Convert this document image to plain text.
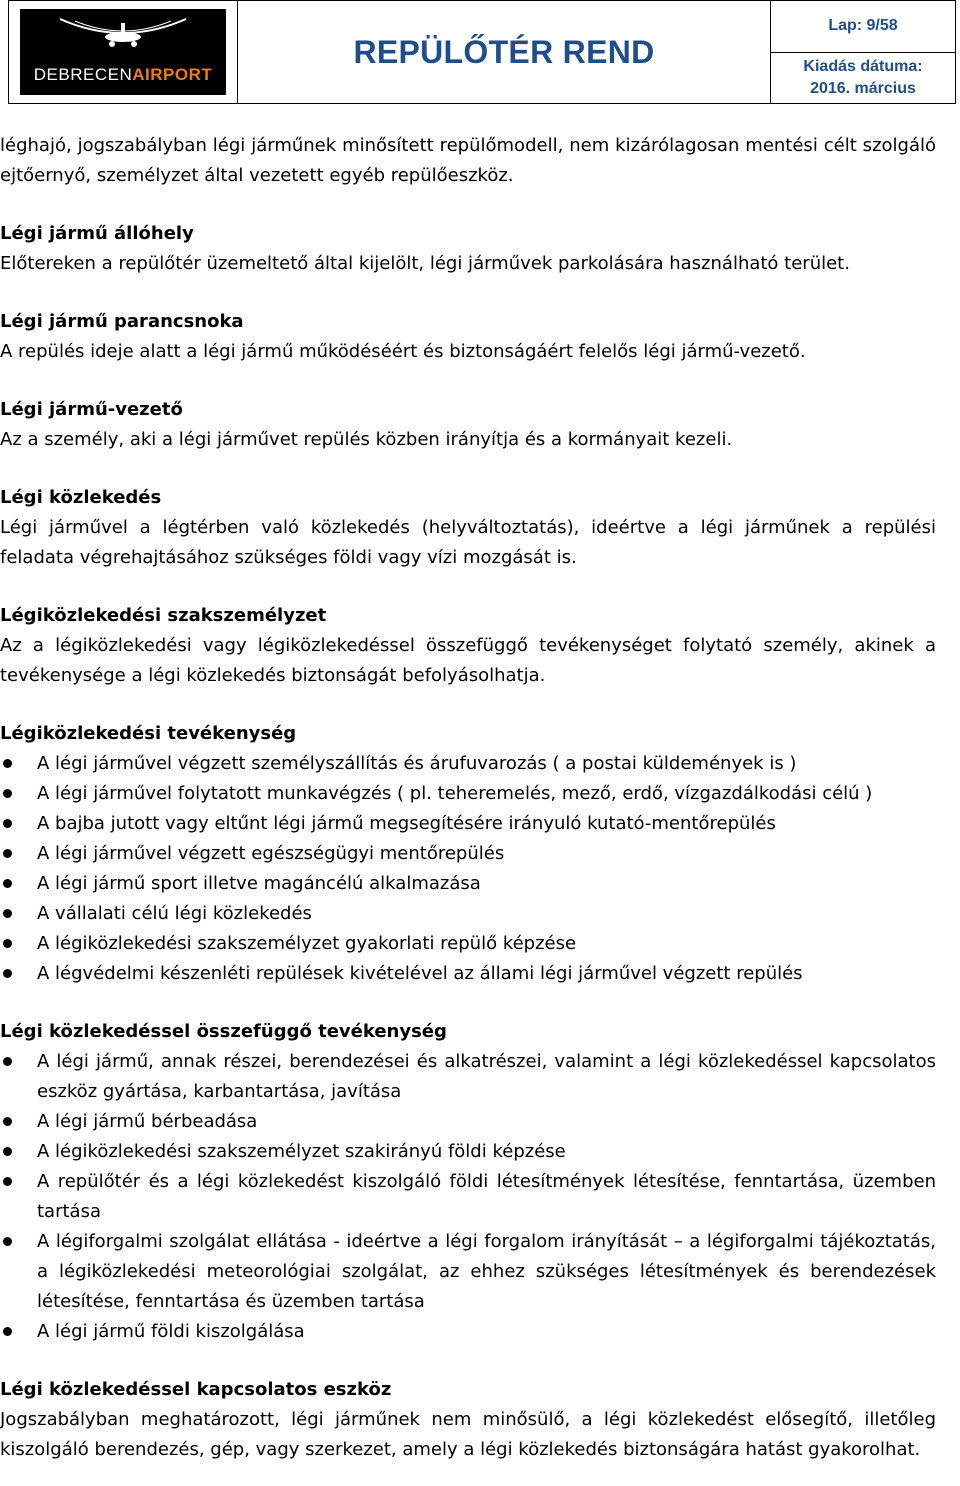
DEBRECENAIRPORT
REPÜLŐTÉR REND
Lap: 9/58
Kiadás dátuma:
2016. március

léghajó, jogszabályban légi járműnek minősített repülőmodell, nem kizárólagosan mentési célt szolgáló ejtőernyő, személyzet által vezetett egyéb repülőeszköz.

Légi jármű állóhely

Előtereken a repülőtér üzemeltető által kijelölt, légi járművek parkolására használható terület.

Légi jármű parancsnoka

A repülés ideje alatt a légi jármű működéséért és biztonságáért felelős légi jármű-vezető.

Légi jármű-vezető

Az a személy, aki a légi járművet repülés közben irányítja és a kormányait kezeli.

Légi közlekedés

Légi járművel a légtérben való közlekedés (helyváltoztatás), ideértve a légi járműnek a repülési feladata végrehajtásához szükséges földi vagy vízi mozgását is.

Légiközlekedési szakszemélyzet

Az a légiközlekedési vagy légiközlekedéssel összefüggő tevékenységet folytató személy, akinek a tevékenysége a légi közlekedés biztonságát befolyásolhatja.

Légiközlekedési tevékenység
A légi járművel végzett személyszállítás és árufuvarozás ( a postai küldemények is )
A légi járművel folytatott munkavégzés ( pl. teheremelés, mező, erdő, vízgazdálkodási célú )
A bajba jutott vagy eltűnt légi jármű megsegítésére irányuló kutató-mentőrepülés
A légi járművel végzett egészségügyi mentőrepülés
A légi jármű sport illetve magáncélú alkalmazása
A vállalati célú légi közlekedés
A légiközlekedési szakszemélyzet gyakorlati repülő képzése
A légvédelmi készenléti repülések kivételével az állami légi járművel végzett repülés
Légi közlekedéssel összefüggő tevékenység
A légi jármű, annak részei, berendezései és alkatrészei, valamint a légi közlekedéssel kapcsolatos eszköz gyártása, karbantartása, javítása
A légi jármű bérbeadása
A légiközlekedési szakszemélyzet szakirányú földi képzése
A repülőtér és a légi közlekedést kiszolgáló földi létesítmények létesítése, fenntartása, üzemben tartása
A légiforgalmi szolgálat ellátása - ideértve a légi forgalom irányítását – a légiforgalmi tájékoztatás, a légiközlekedési meteorológiai szolgálat, az ehhez szükséges létesítmények és berendezések létesítése, fenntartása és üzemben tartása
A légi jármű földi kiszolgálása
Légi közlekedéssel kapcsolatos eszköz

Jogszabályban meghatározott, légi járműnek nem minősülő, a légi közlekedést elősegítő, illetőleg kiszolgáló berendezés, gép, vagy szerkezet, amely a légi közlekedés biztonságára hatást gyakorolhat.
